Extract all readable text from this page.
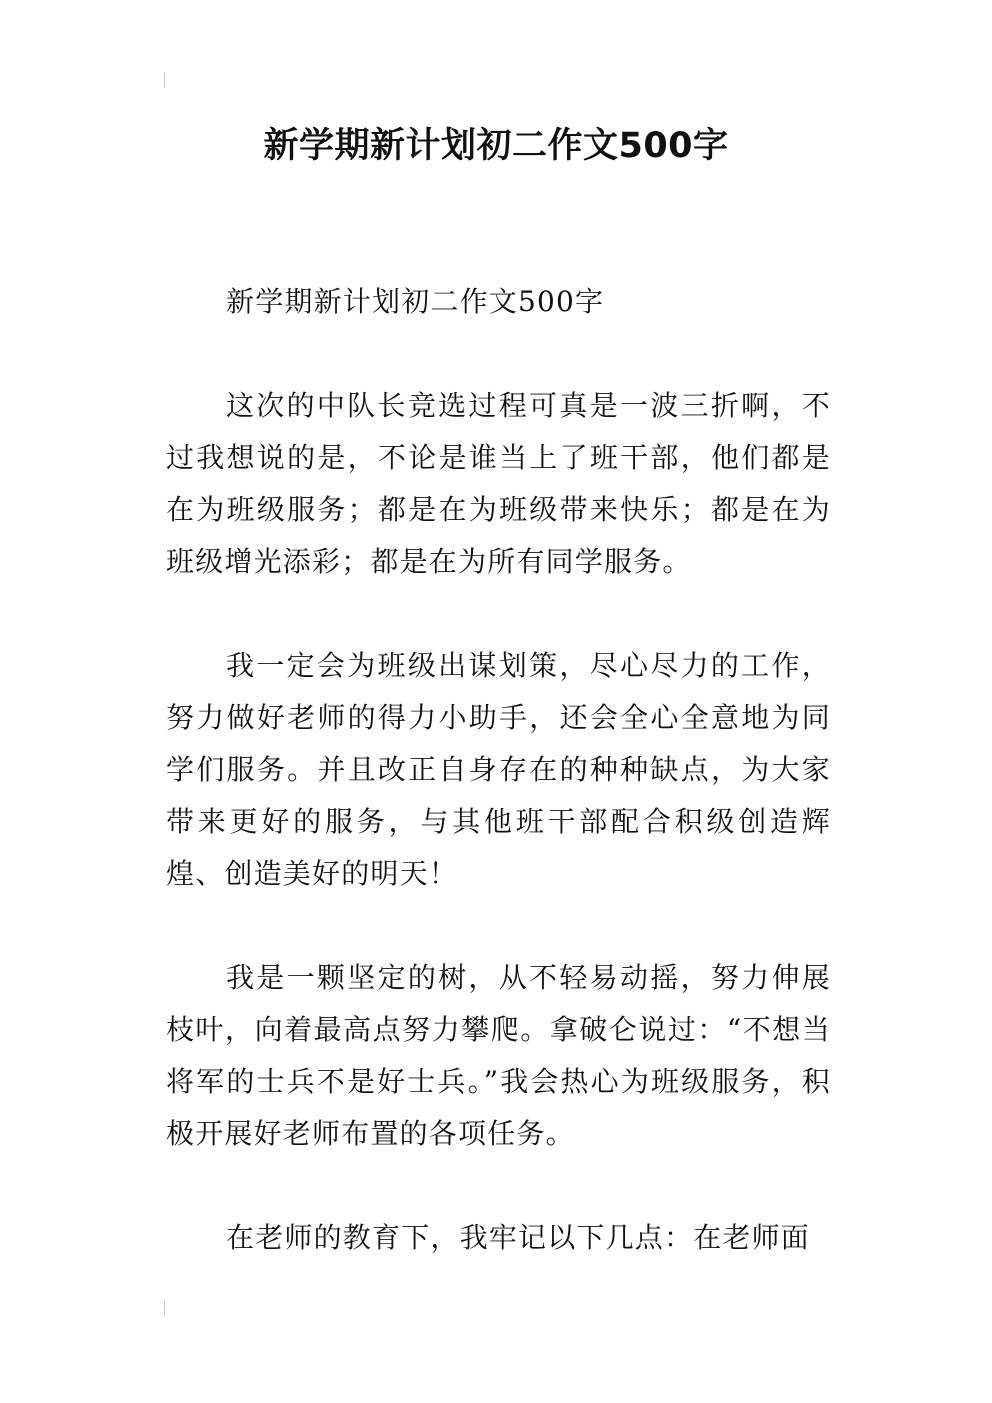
新学期新计划初二作文500字

新学期新计划初二作文500字

这次的中队长竞选过程可真是一波三折啊，不过我想说的是，不论是谁当上了班干部，他们都是在为班级服务；都是在为班级带来快乐；都是在为班级增光添彩；都是在为所有同学服务。

我一定会为班级出谋划策，尽心尽力的工作，努力做好老师的得力小助手，还会全心全意地为同学们服务。并且改正自身存在的种种缺点，为大家带来更好的服务，与其他班干部配合积级创造辉煌、创造美好的明天！

我是一颗坚定的树，从不轻易动摇，努力伸展枝叶，向着最高点努力攀爬。拿破仑说过：“不想当将军的士兵不是好士兵。”我会热心为班级服务，积极开展好老师布置的各项任务。

在老师的教育下，我牢记以下几点：在老师面
